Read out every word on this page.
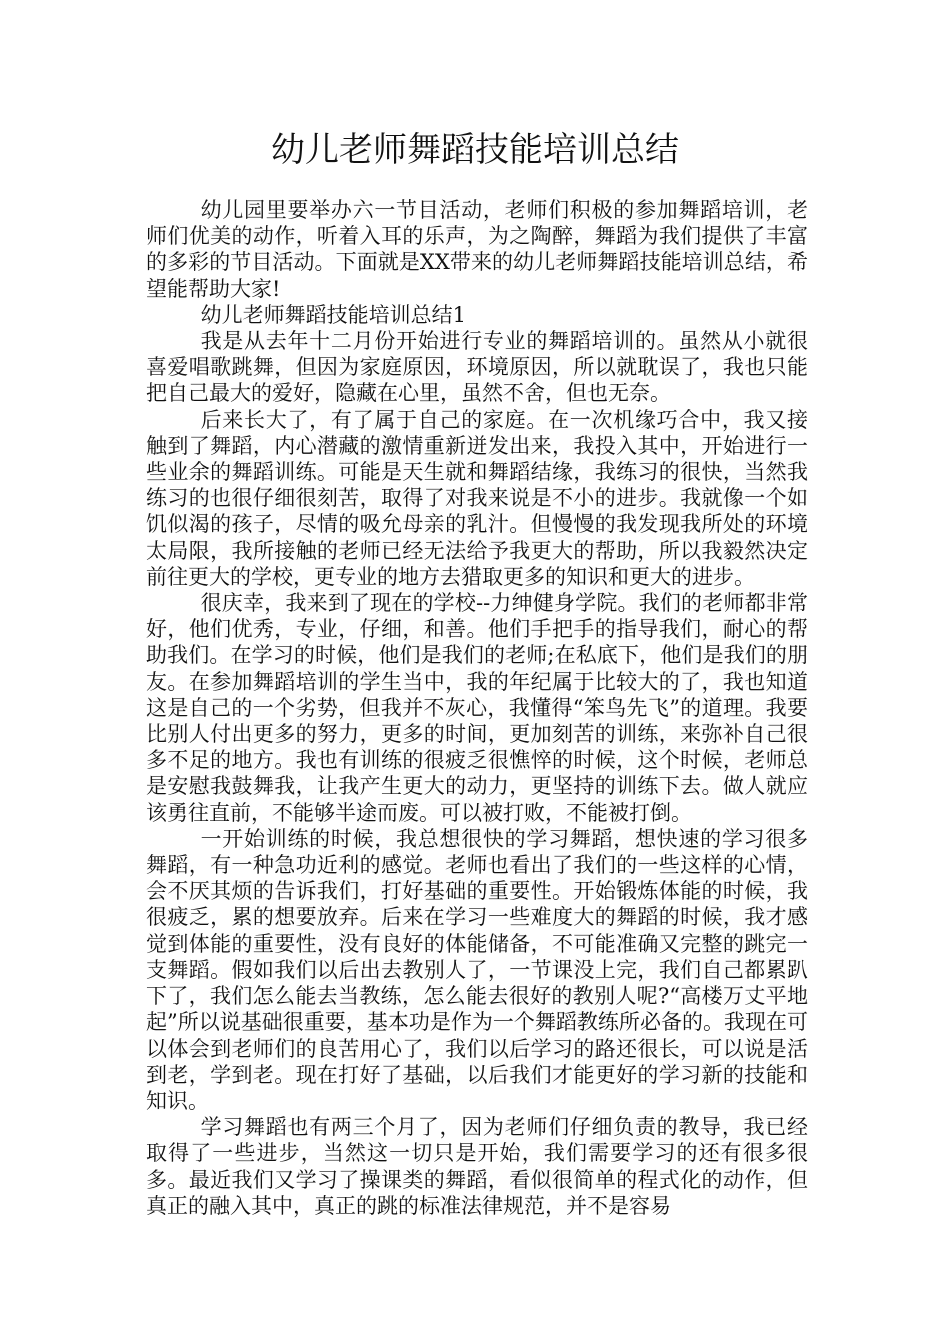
幼儿老师舞蹈技能培训总结

幼儿园里要举办六一节目活动，老师们积极的参加舞蹈培训，老师们优美的动作，听着入耳的乐声，为之陶醉，舞蹈为我们提供了丰富的多彩的节目活动。下面就是XX带来的幼儿老师舞蹈技能培训总结，希望能帮助大家!

幼儿老师舞蹈技能培训总结1

我是从去年十二月份开始进行专业的舞蹈培训的。虽然从小就很喜爱唱歌跳舞，但因为家庭原因，环境原因，所以就耽误了，我也只能把自己最大的爱好，隐藏在心里，虽然不舍，但也无奈。

后来长大了，有了属于自己的家庭。在一次机缘巧合中，我又接触到了舞蹈，内心潜藏的激情重新迸发出来，我投入其中，开始进行一些业余的舞蹈训练。可能是天生就和舞蹈结缘，我练习的很快，当然我练习的也很仔细很刻苦，取得了对我来说是不小的进步。我就像一个如饥似渴的孩子，尽情的吸允母亲的乳汁。但慢慢的我发现我所处的环境太局限，我所接触的老师已经无法给予我更大的帮助，所以我毅然决定前往更大的学校，更专业的地方去猎取更多的知识和更大的进步。

很庆幸，我来到了现在的学校--力绅健身学院。我们的老师都非常好，他们优秀，专业，仔细，和善。他们手把手的指导我们，耐心的帮助我们。在学习的时候，他们是我们的老师;在私底下，他们是我们的朋友。在参加舞蹈培训的学生当中，我的年纪属于比较大的了，我也知道这是自己的一个劣势，但我并不灰心，我懂得“笨鸟先飞”的道理。我要比别人付出更多的努力，更多的时间，更加刻苦的训练，来弥补自己很多不足的地方。我也有训练的很疲乏很憔悴的时候，这个时候，老师总是安慰我鼓舞我，让我产生更大的动力，更坚持的训练下去。做人就应该勇往直前，不能够半途而废。可以被打败，不能被打倒。

一开始训练的时候，我总想很快的学习舞蹈，想快速的学习很多舞蹈，有一种急功近利的感觉。老师也看出了我们的一些这样的心情，会不厌其烦的告诉我们，打好基础的重要性。开始锻炼体能的时候，我很疲乏，累的想要放弃。后来在学习一些难度大的舞蹈的时候，我才感觉到体能的重要性，没有良好的体能储备，不可能准确又完整的跳完一支舞蹈。假如我们以后出去教别人了，一节课没上完，我们自己都累趴下了，我们怎么能去当教练，怎么能去很好的教别人呢?“高楼万丈平地起”所以说基础很重要，基本功是作为一个舞蹈教练所必备的。我现在可以体会到老师们的良苦用心了，我们以后学习的路还很长，可以说是活到老，学到老。现在打好了基础，以后我们才能更好的学习新的技能和知识。

学习舞蹈也有两三个月了，因为老师们仔细负责的教导，我已经取得了一些进步，当然这一切只是开始，我们需要学习的还有很多很多。最近我们又学习了操课类的舞蹈，看似很简单的程式化的动作，但真正的融入其中，真正的跳的标准法律规范，并不是容易
